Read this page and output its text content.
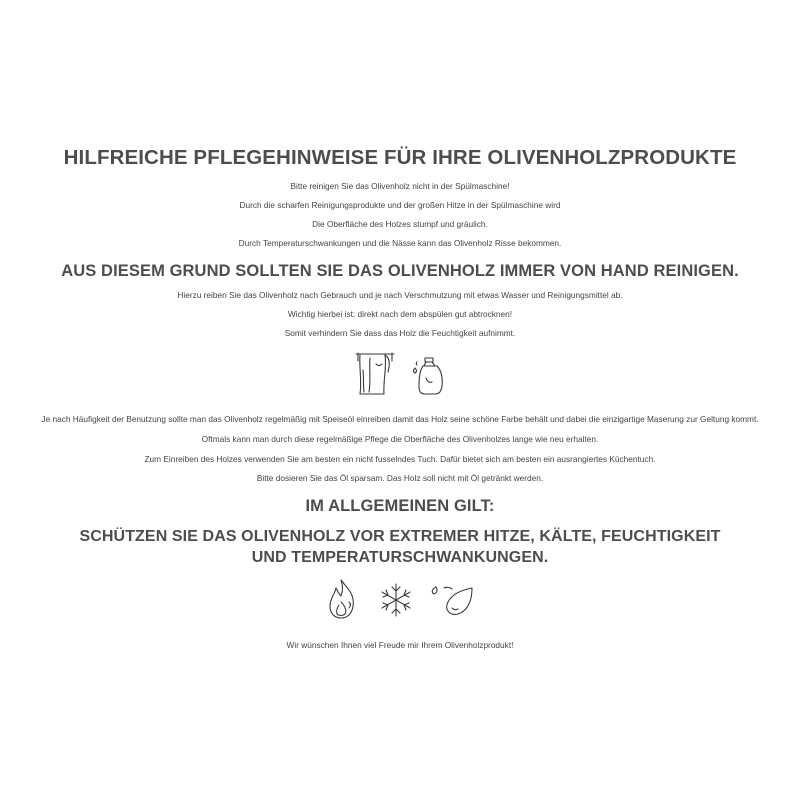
HILFREICHE PFLEGEHINWEISE FÜR IHRE OLIVENHOLZPRODUKTE
Bitte reinigen Sie das Olivenholz nicht in der Spülmaschine!
Durch die scharfen Reinigungsprodukte und der großen Hitze in der Spülmaschine wird
Die Oberfläche des Holzes stumpf und gräulich.
Durch Temperaturschwankungen und die Nässe kann das Olivenholz Risse bekommen.
AUS DIESEM GRUND SOLLTEN SIE DAS OLIVENHOLZ IMMER VON HAND REINIGEN.
Hierzu reiben Sie das Olivenholz nach Gebrauch und je nach Verschmutzung mit etwas Wasser und Reinigungsmittel ab.
Wichtig hierbei ist: direkt nach dem abspülen gut abtrocknen!
Somit verhindern Sie dass das Holz die Feuchtigkeit aufnimmt.
Je nach Häufigkeit der Benutzung sollte man das Olivenholz regelmäßig mit Speiseöl einreiben damit das Holz seine schöne Farbe behält und dabei die einzigartige Maserung zur Geltung kommt.
Oftmals kann man durch diese regelmäßige Pflege die Oberfläche des Olivenholzes lange wie neu erhalten.
Zum Einreiben des Holzes verwenden Sie am besten ein nicht fusselndes Tuch. Dafür bietet sich am besten ein ausrangiertes Küchentuch.
Bitte dosieren Sie das Öl sparsam. Das Holz soll nicht mit Öl getränkt werden.
IM ALLGEMEINEN GILT:
SCHÜTZEN SIE DAS OLIVENHOLZ VOR EXTREMER HITZE, KÄLTE, FEUCHTIGKEIT UND TEMPERATURSCHWANKUNGEN.
Wir wünschen Ihnen viel Freude mir Ihrem Olivenholzprodukt!
